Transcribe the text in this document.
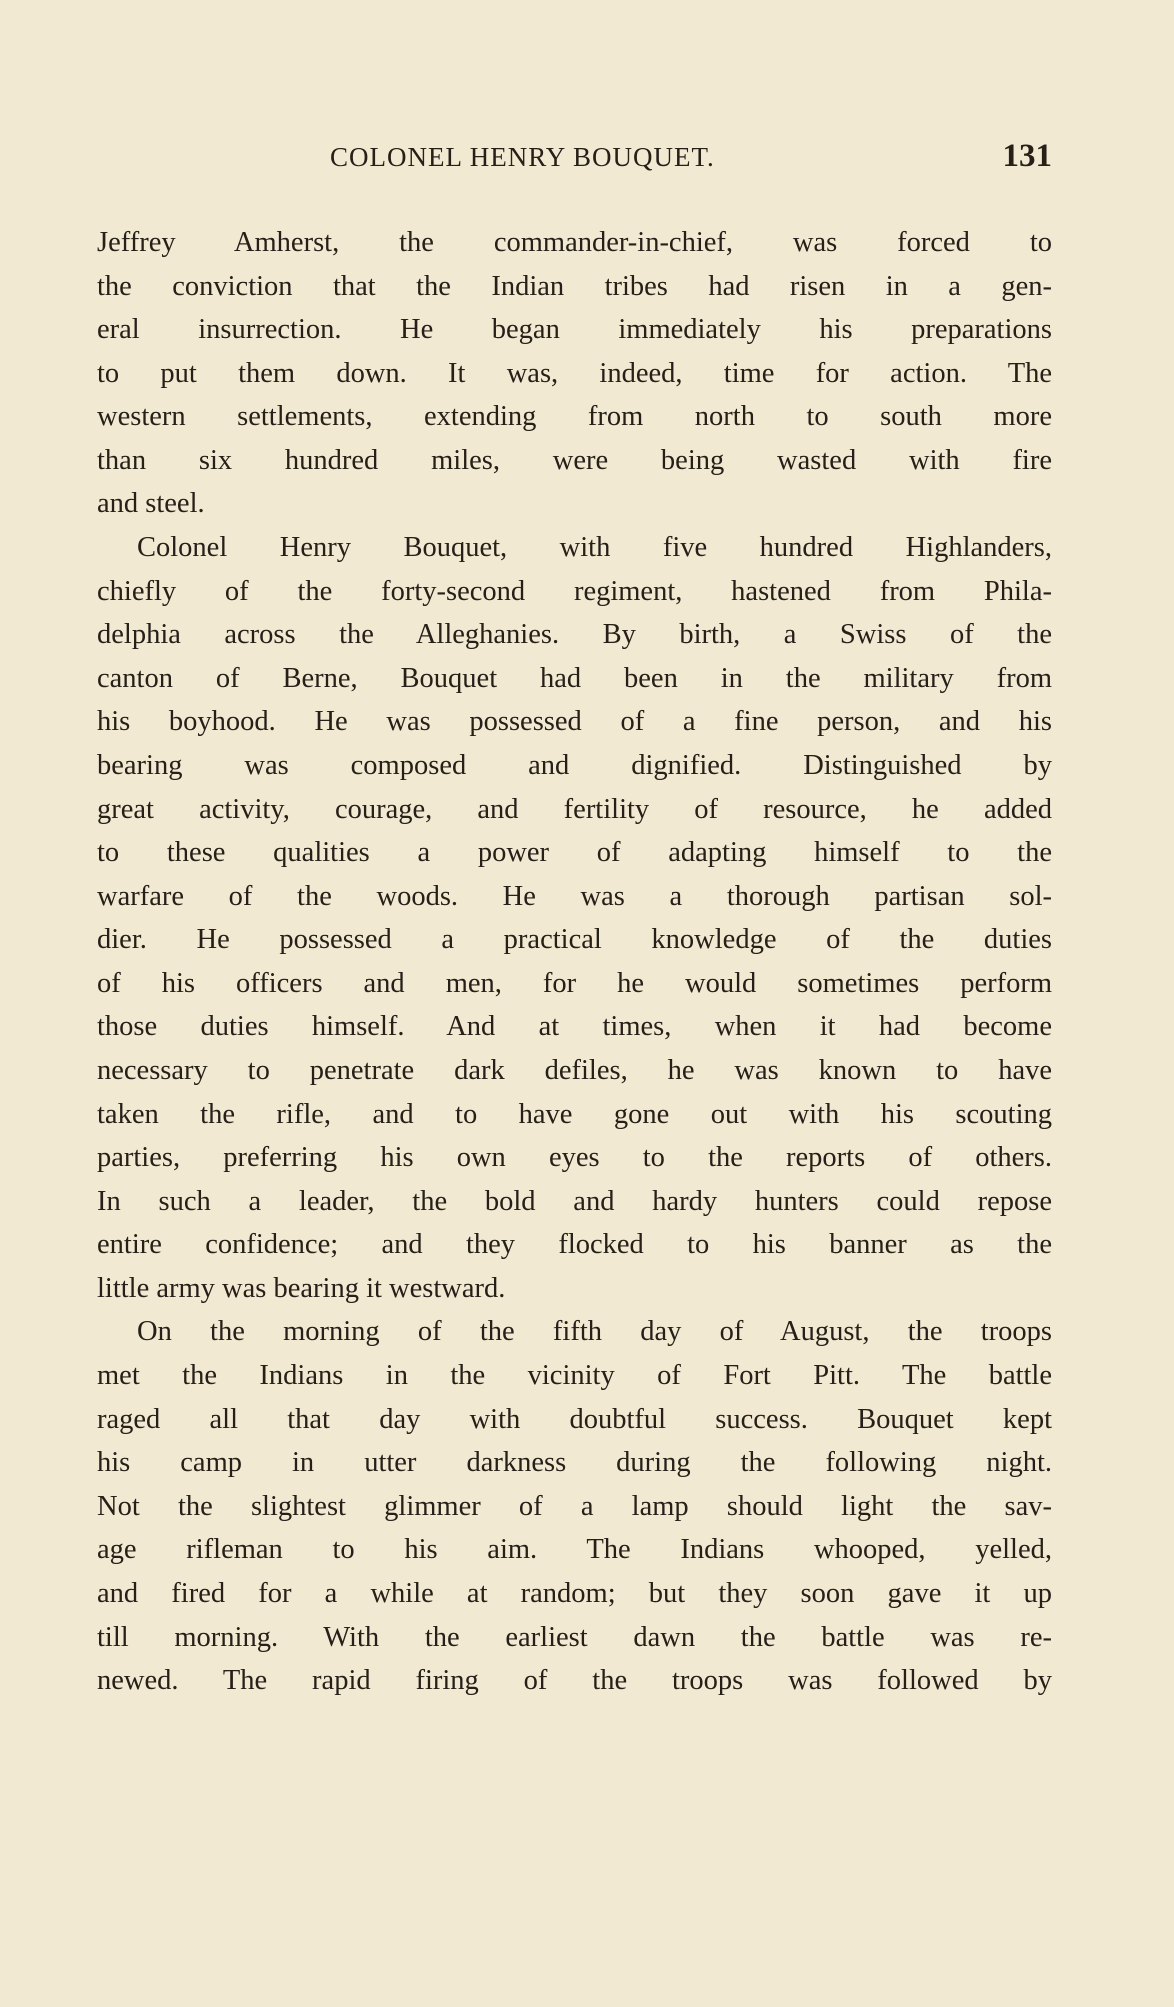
COLONEL HENRY BOUQUET.	131
Jeffrey Amherst, the commander-in-chief, was forced to
the conviction that the Indian tribes had risen in a gen-
eral insurrection. He began immediately his preparations
to put them down. It was, indeed, time for action. The
western settlements, extending from north to south more
than six hundred miles, were being wasted with fire
and steel.
Colonel Henry Bouquet, with five hundred Highlanders,
chiefly of the forty-second regiment, hastened from Phila-
delphia across the Alleghanies. By birth, a Swiss of the
canton of Berne, Bouquet had been in the military from
his boyhood. He was possessed of a fine person, and his
bearing was composed and dignified. Distinguished by
great activity, courage, and fertility of resource, he added
to these qualities a power of adapting himself to the
warfare of the woods. He was a thorough partisan sol-
dier. He possessed a practical knowledge of the duties
of his officers and men, for he would sometimes perform
those duties himself. And at times, when it had become
necessary to penetrate dark defiles, he was known to have
taken the rifle, and to have gone out with his scouting
parties, preferring his own eyes to the reports of others.
In such a leader, the bold and hardy hunters could repose
entire confidence; and they flocked to his banner as the
little army was bearing it westward.
On the morning of the fifth day of August, the troops
met the Indians in the vicinity of Fort Pitt. The battle
raged all that day with doubtful success. Bouquet kept
his camp in utter darkness during the following night.
Not the slightest glimmer of a lamp should light the sav-
age rifleman to his aim. The Indians whooped, yelled,
and fired for a while at random; but they soon gave it up
till morning. With the earliest dawn the battle was re-
newed. The rapid firing of the troops was followed by
